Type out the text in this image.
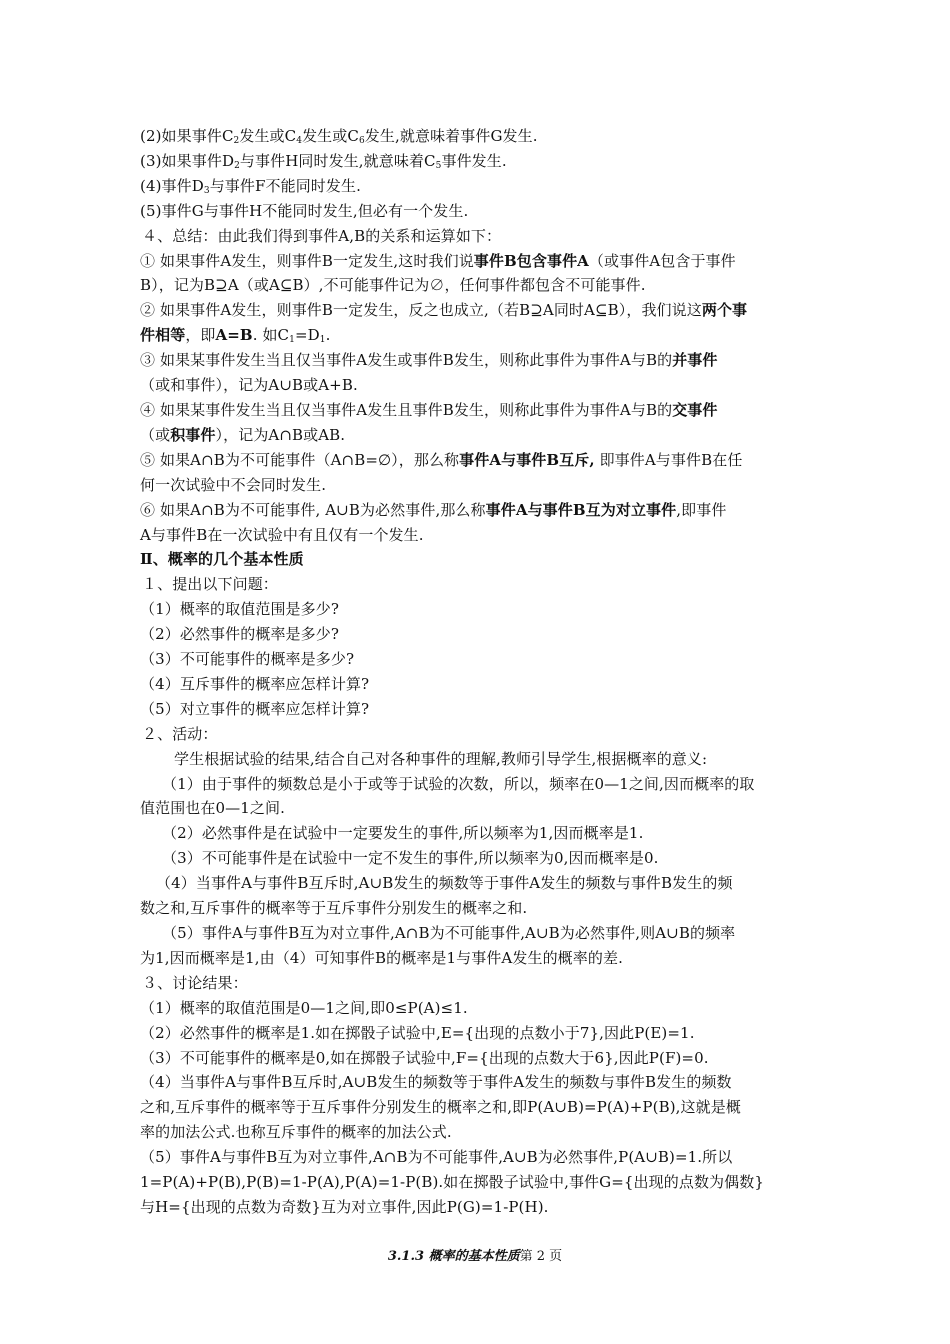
(2)如果事件$C_2$发生或$C_4$发生或$C_6$发生,就意味着事件G发生.
(3)如果事件$D_2$与事件H同时发生,就意味着$C_5$事件发生.
(4)事件$D_3$与事件F不能同时发生.
(5)事件G与事件H不能同时发生,但必有一个发生.
４、总结：由此我们得到事件A,B的关系和运算如下：
① 如果事件A发生，则事件B一定发生,这时我们说事件B包含事件A（或事件A包含于事件
B），记为B⊇A（或A⊆B）,不可能事件记为∅，任何事件都包含不可能事件.
② 如果事件A发生，则事件B一定发生，反之也成立,（若B⊇A同时A⊆B），我们说这两个事
件相等，即A=B. 如$C_1=D_1$.
③ 如果某事件发生当且仅当事件A发生或事件B发生，则称此事件为事件A与B的并事件
（或和事件），记为A∪B或A+B.
④ 如果某事件发生当且仅当事件A发生且事件B发生，则称此事件为事件A与B的交事件
（或积事件），记为A∩B或AB.
⑤ 如果A∩B为不可能事件（A∩B=∅），那么称事件A与事件B互斥, 即事件A与事件B在任
何一次试验中不会同时发生.
⑥ 如果A∩B为不可能事件, A∪B为必然事件,那么称事件A与事件B互为对立事件,即事件
A与事件B在一次试验中有且仅有一个发生.
Ⅱ、概率的几个基本性质
１、提出以下问题：
（1）概率的取值范围是多少?
（2）必然事件的概率是多少?
（3）不可能事件的概率是多少?
（4）互斥事件的概率应怎样计算?
（5）对立事件的概率应怎样计算?
２、活动：
学生根据试验的结果,结合自己对各种事件的理解,教师引导学生,根据概率的意义:
（1）由于事件的频数总是小于或等于试验的次数，所以，频率在0—1之间,因而概率的取
值范围也在0—1之间.
（2）必然事件是在试验中一定要发生的事件,所以频率为1,因而概率是1.
（3）不可能事件是在试验中一定不发生的事件,所以频率为0,因而概率是0.
（4）当事件A与事件B互斥时,A∪B发生的频数等于事件A发生的频数与事件B发生的频
数之和,互斥事件的概率等于互斥事件分别发生的概率之和.
（5）事件A与事件B互为对立事件,A∩B为不可能事件,A∪B为必然事件,则A∪B的频率
为1,因而概率是1,由（4）可知事件B的概率是1与事件A发生的概率的差.
３、讨论结果：
（1）概率的取值范围是0—1之间,即0≤P(A)≤1.
（2）必然事件的概率是1.如在掷骰子试验中,E={出现的点数小于7},因此P(E)=1.
（3）不可能事件的概率是0,如在掷骰子试验中,F={出现的点数大于6},因此P(F)=0.
（4）当事件A与事件B互斥时,A∪B发生的频数等于事件A发生的频数与事件B发生的频数
之和,互斥事件的概率等于互斥事件分别发生的概率之和,即P(A∪B)=P(A)+P(B),这就是概
率的加法公式.也称互斥事件的概率的加法公式.
（5）事件A与事件B互为对立事件,A∩B为不可能事件,A∪B为必然事件,P(A∪B)=1.所以
1=P(A)+P(B),P(B)=1-P(A),P(A)=1-P(B).如在掷骰子试验中,事件G={出现的点数为偶数}
与H={出现的点数为奇数}互为对立事件,因此P(G)=1-P(H).
3.1.3 概率的基本性质第 2 页
